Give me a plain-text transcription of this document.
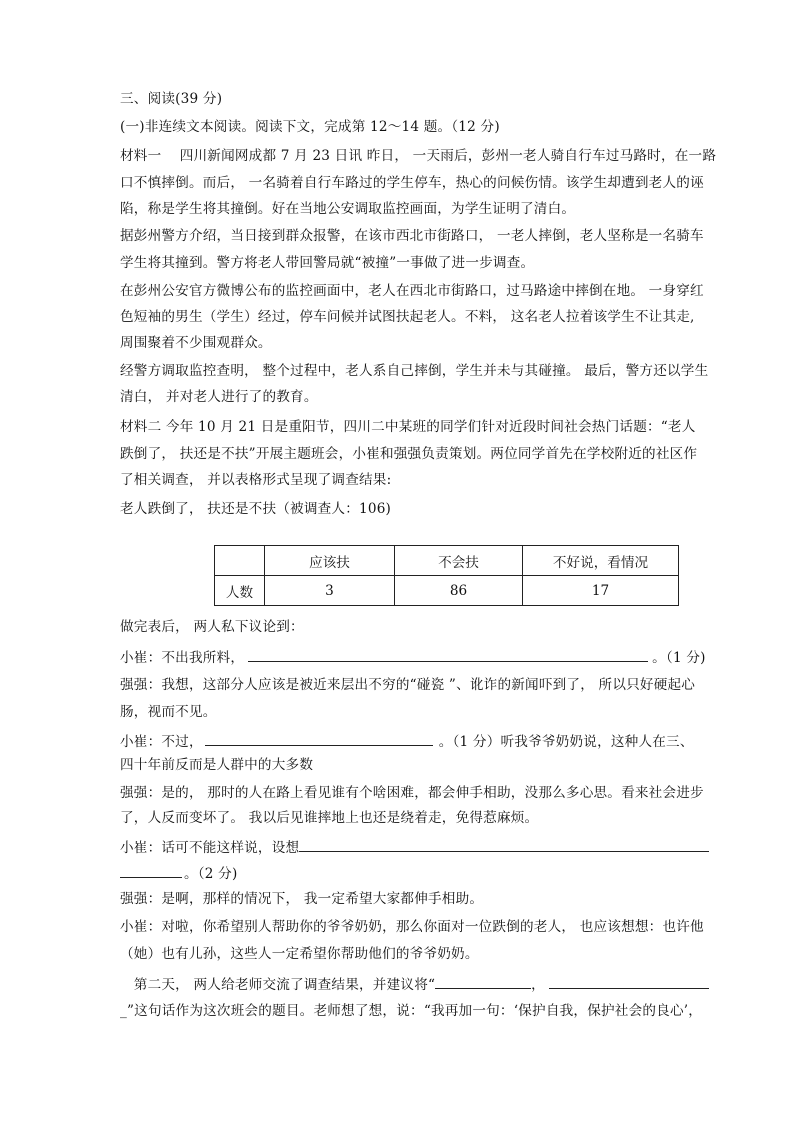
三、阅读(39 分)
(一)非连续文本阅读。阅读下文，完成第 12～14 题。（12 分)
材料一　 四川新闻网成都 7 月 23 日讯 昨日， 一天雨后，彭州一老人骑自行车过马路时，在一路
口不慎摔倒。而后， 一名骑着自行车路过的学生停车，热心的问候伤情。该学生却遭到老人的诬
陷，称是学生将其撞倒。好在当地公安调取监控画面，为学生证明了清白。
据彭州警方介绍，当日接到群众报警，在该市西北市街路口， 一老人摔倒，老人坚称是一名骑车
学生将其撞到。警方将老人带回警局就“被撞”一事做了进一步调查。
在彭州公安官方微博公布的监控画面中，老人在西北市街路口，过马路途中摔倒在地。 一身穿红
色短袖的男生（学生）经过，停车问候并试图扶起老人。不料， 这名老人拉着该学生不让其走,
周围聚着不少围观群众。
经警方调取监控查明， 整个过程中，老人系自己摔倒，学生并未与其碰撞。 最后，警方还以学生
清白， 并对老人进行了的教育。
材料二 今年 10 月 21 日是重阳节，四川二中某班的同学们针对近段时间社会热门话题：“老人
跌倒了， 扶还是不扶”开展主题班会，小崔和强强负责策划。两位同学首先在学校附近的社区作
了相关调查， 并以表格形式呈现了调查结果:
老人跌倒了， 扶还是不扶（被调查人：106)
	应该扶	不会扶	不好说，看情况
人数	3	86	17
做完表后， 两人私下议论到：
小崔：不出我所料，	。（1 分)
强强：我想，这部分人应该是被近来层出不穷的“碰瓷 ”、讹诈的新闻吓到了， 所以只好硬起心
肠，视而不见。
小崔：不过，	。（1 分）听我爷爷奶奶说，这种人在三、
四十年前反而是人群中的大多数
强强：是的， 那时的人在路上看见谁有个啥困难，都会伸手相助，没那么多心思。看来社会进步
了，人反而变坏了。 我以后见谁摔地上也还是绕着走，免得惹麻烦。
小崔：话可不能这样说，设想
。（2 分)
强强：是啊，那样的情况下， 我一定希望大家都伸手相助。
小崔：对啦，你希望别人帮助你的爷爷奶奶，那么你面对一位跌倒的老人， 也应该想想：也许他
（她）也有儿孙，这些人一定希望你帮助他们的爷爷奶奶。
　第二天， 两人给老师交流了调查结果，并建议将“	，
_”这句话作为这次班会的题目。老师想了想，说：“我再加一句：‘保护自我，保护社会的良心’，
